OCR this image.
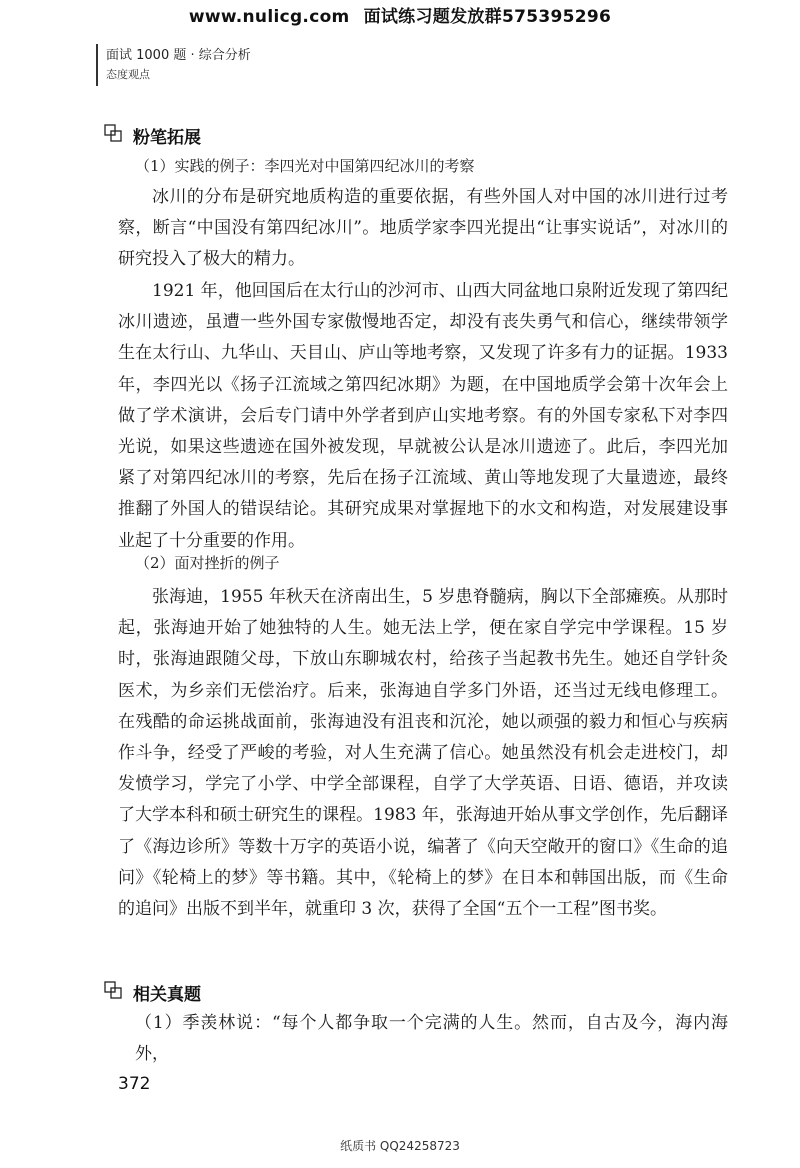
www.nulicg.com 面试练习题发放群575395296
面试 1000 题 · 综合分析
态度观点
粉笔拓展

（1）实践的例子：李四光对中国第四纪冰川的考察

冰川的分布是研究地质构造的重要依据，有些外国人对中国的冰川进行过考察，断言“中国没有第四纪冰川”。地质学家李四光提出“让事实说话”，对冰川的研究投入了极大的精力。

1921 年，他回国后在太行山的沙河市、山西大同盆地口泉附近发现了第四纪冰川遗迹，虽遭一些外国专家傲慢地否定，却没有丧失勇气和信心，继续带领学生在太行山、九华山、天目山、庐山等地考察，又发现了许多有力的证据。1933 年，李四光以《扬子江流域之第四纪冰期》为题，在中国地质学会第十次年会上做了学术演讲，会后专门请中外学者到庐山实地考察。有的外国专家私下对李四光说，如果这些遗迹在国外被发现，早就被公认是冰川遗迹了。此后，李四光加紧了对第四纪冰川的考察，先后在扬子江流域、黄山等地发现了大量遗迹，最终推翻了外国人的错误结论。其研究成果对掌握地下的水文和构造，对发展建设事业起了十分重要的作用。

（2）面对挫折的例子

张海迪，1955 年秋天在济南出生，5 岁患脊髓病，胸以下全部瘫痪。从那时起，张海迪开始了她独特的人生。她无法上学，便在家自学完中学课程。15 岁时，张海迪跟随父母，下放山东聊城农村，给孩子当起教书先生。她还自学针灸医术，为乡亲们无偿治疗。后来，张海迪自学多门外语，还当过无线电修理工。在残酷的命运挑战面前，张海迪没有沮丧和沉沦，她以顽强的毅力和恒心与疾病作斗争，经受了严峻的考验，对人生充满了信心。她虽然没有机会走进校门，却发愤学习，学完了小学、中学全部课程，自学了大学英语、日语、德语，并攻读了大学本科和硕士研究生的课程。1983 年，张海迪开始从事文学创作，先后翻译了《海边诊所》等数十万字的英语小说，编著了《向天空敞开的窗口》《生命的追问》《轮椅上的梦》等书籍。其中，《轮椅上的梦》在日本和韩国出版，而《生命的追问》出版不到半年，就重印 3 次，获得了全国“五个一工程”图书奖。

相关真题

（1）季羡林说：“每个人都争取一个完满的人生。然而，自古及今，海内海外，

372
纸质书 QQ24258723
